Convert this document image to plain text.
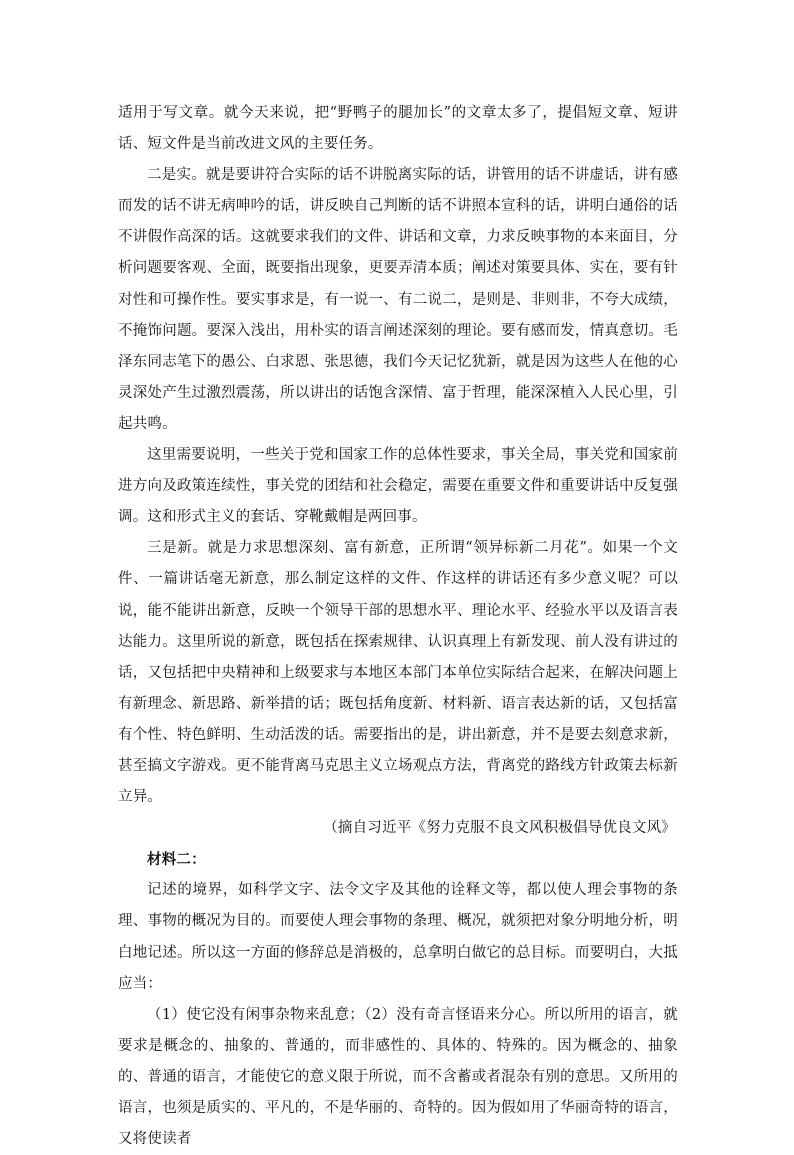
适用于写文章。就今天来说，把“野鸭子的腿加长”的文章太多了，提倡短文章、短讲话、短文件是当前改进文风的主要任务。

二是实。就是要讲符合实际的话不讲脱离实际的话，讲管用的话不讲虚话，讲有感而发的话不讲无病呻吟的话，讲反映自己判断的话不讲照本宣科的话，讲明白通俗的话不讲假作高深的话。这就要求我们的文件、讲话和文章，力求反映事物的本来面目，分析问题要客观、全面，既要指出现象，更要弄清本质；阐述对策要具体、实在，要有针对性和可操作性。要实事求是，有一说一、有二说二，是则是、非则非，不夸大成绩，不掩饰问题。要深入浅出，用朴实的语言阐述深刻的理论。要有感而发，情真意切。毛泽东同志笔下的愚公、白求恩、张思德，我们今天记忆犹新，就是因为这些人在他的心灵深处产生过激烈震荡，所以讲出的话饱含深情、富于哲理，能深深植入人民心里，引起共鸣。

这里需要说明，一些关于党和国家工作的总体性要求，事关全局，事关党和国家前进方向及政策连续性，事关党的团结和社会稳定，需要在重要文件和重要讲话中反复强调。这和形式主义的套话、穿靴戴帽是两回事。

三是新。就是力求思想深刻、富有新意，正所谓“领异标新二月花”。如果一个文件、一篇讲话毫无新意，那么制定这样的文件、作这样的讲话还有多少意义呢？可以说，能不能讲出新意，反映一个领导干部的思想水平、理论水平、经验水平以及语言表达能力。这里所说的新意，既包括在探索规律、认识真理上有新发现、前人没有讲过的话，又包括把中央精神和上级要求与本地区本部门本单位实际结合起来，在解决问题上有新理念、新思路、新举措的话；既包括角度新、材料新、语言表达新的话，又包括富有个性、特色鲜明、生动活泼的话。需要指出的是，讲出新意，并不是要去刻意求新，甚至搞文字游戏。更不能背离马克思主义立场观点方法，背离党的路线方针政策去标新立异。

（摘自习近平《努力克服不良文风积极倡导优良文风》

材料二：

记述的境界，如科学文字、法令文字及其他的诠释文等，都以使人理会事物的条理、事物的概况为目的。而要使人理会事物的条理、概况，就须把对象分明地分析，明白地记述。所以这一方面的修辞总是消极的，总拿明白做它的总目标。而要明白，大抵应当：

（1）使它没有闲事杂物来乱意；（2）没有奇言怪语来分心。所以所用的语言，就要求是概念的、抽象的、普通的，而非感性的、具体的、特殊的。因为概念的、抽象的、普通的语言，才能使它的意义限于所说，而不含蓄或者混杂有别的意思。又所用的语言，也须是质实的、平凡的，不是华丽的、奇特的。因为假如用了华丽奇特的语言，又将使读者
